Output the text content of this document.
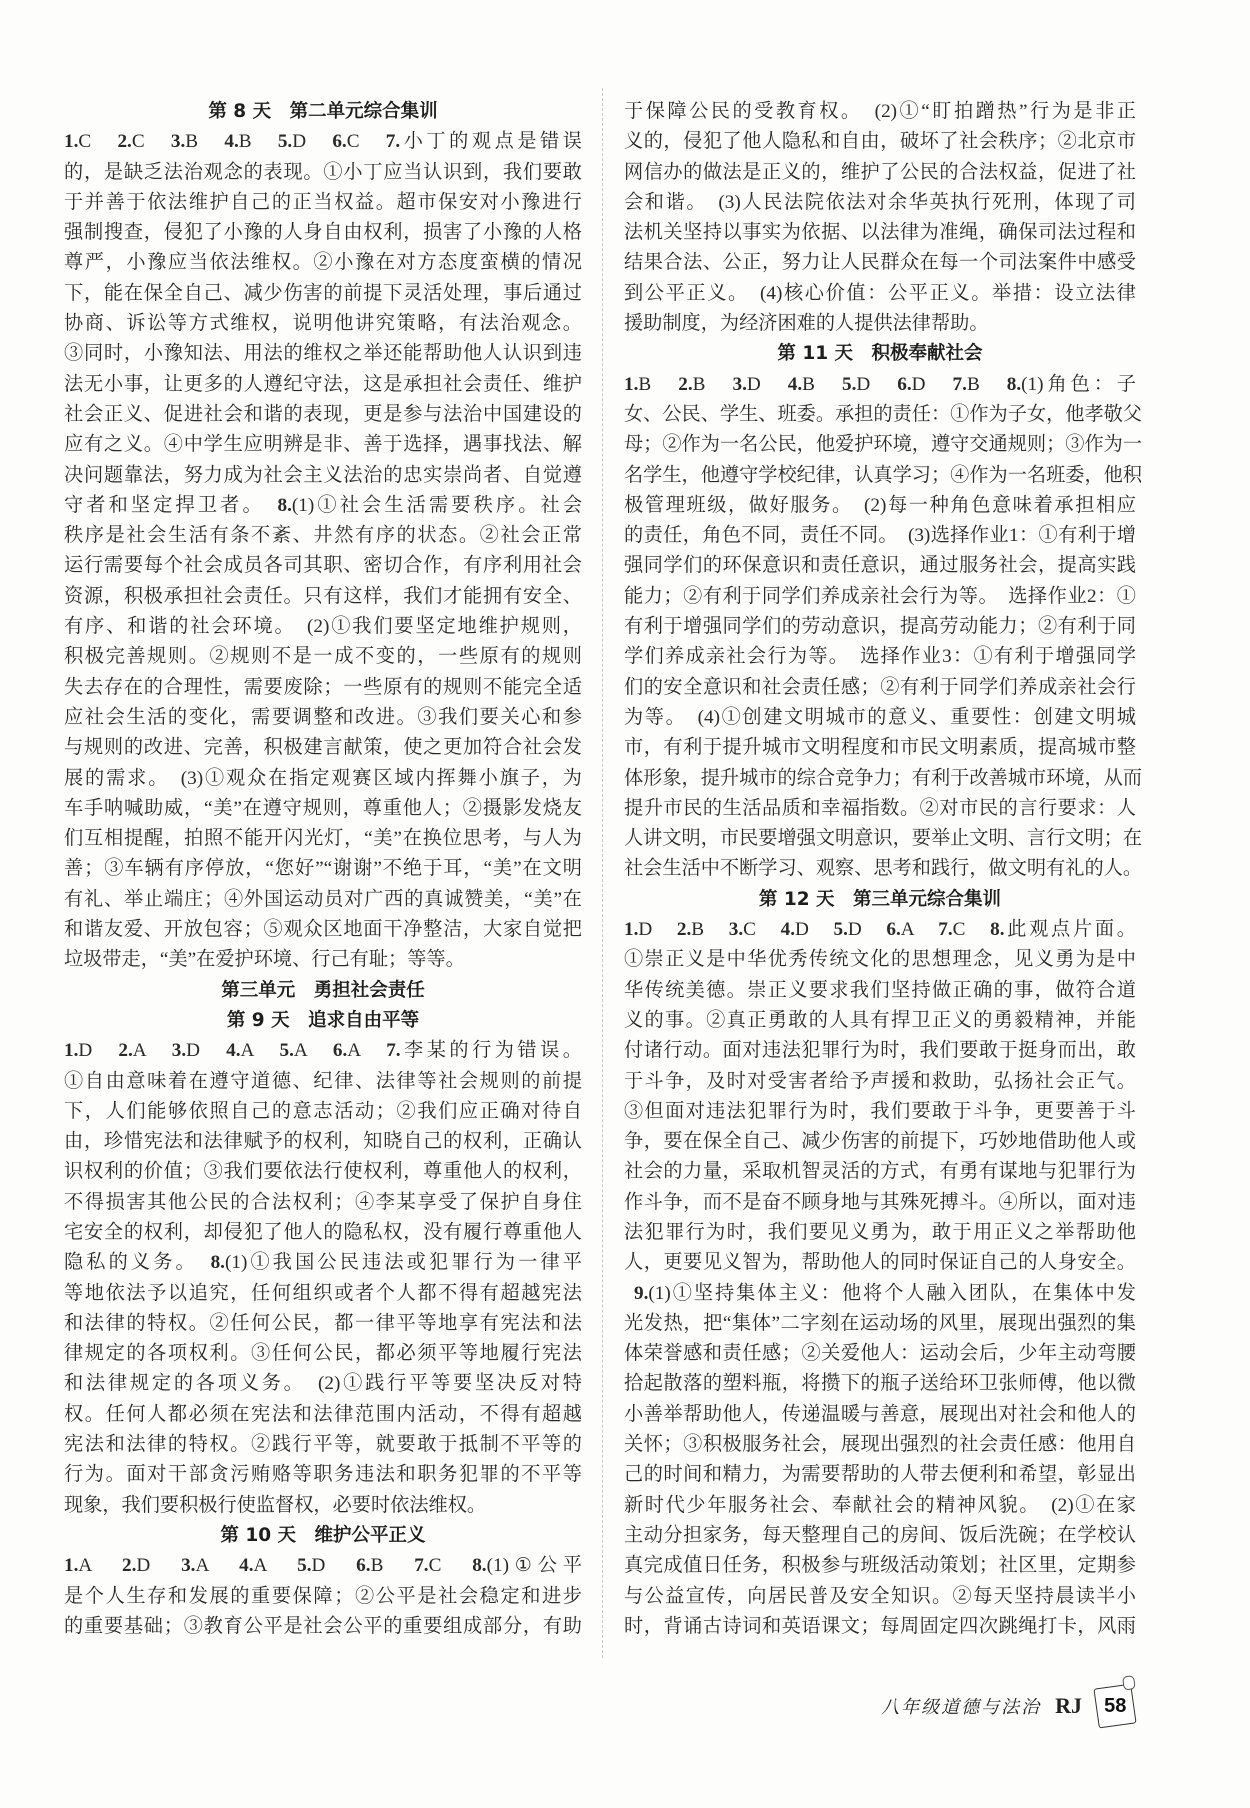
第 8 天　第二单元综合集训
1.C　2.C　3.B　4.B　5.D　6.C　7.小丁的观点是错误
的，是缺乏法治观念的表现。①小丁应当认识到，我们要敢
于并善于依法维护自己的正当权益。超市保安对小豫进行
强制搜查，侵犯了小豫的人身自由权利，损害了小豫的人格
尊严，小豫应当依法维权。②小豫在对方态度蛮横的情况
下，能在保全自己、减少伤害的前提下灵活处理，事后通过
协商、诉讼等方式维权，说明他讲究策略，有法治观念。
③同时，小豫知法、用法的维权之举还能帮助他人认识到违
法无小事，让更多的人遵纪守法，这是承担社会责任、维护
社会正义、促进社会和谐的表现，更是参与法治中国建设的
应有之义。④中学生应明辨是非、善于选择，遇事找法、解
决问题靠法，努力成为社会主义法治的忠实崇尚者、自觉遵
守者和坚定捍卫者。　8.(1)①社会生活需要秩序。社会
秩序是社会生活有条不紊、井然有序的状态。②社会正常
运行需要每个社会成员各司其职、密切合作，有序利用社会
资源，积极承担社会责任。只有这样，我们才能拥有安全、
有序、和谐的社会环境。　(2)①我们要坚定地维护规则，
积极完善规则。②规则不是一成不变的，一些原有的规则
失去存在的合理性，需要废除；一些原有的规则不能完全适
应社会生活的变化，需要调整和改进。③我们要关心和参
与规则的改进、完善，积极建言献策，使之更加符合社会发
展的需求。　(3)①观众在指定观赛区域内挥舞小旗子，为
车手呐喊助威，“美”在遵守规则，尊重他人；②摄影发烧友
们互相提醒，拍照不能开闪光灯，“美”在换位思考，与人为
善；③车辆有序停放，“您好”“谢谢”不绝于耳，“美”在文明
有礼、举止端庄；④外国运动员对广西的真诚赞美，“美”在
和谐友爱、开放包容；⑤观众区地面干净整洁，大家自觉把
垃圾带走，“美”在爱护环境、行己有耻；等等。
第三单元　勇担社会责任
第 9 天　追求自由平等
1.D　2.A　3.D　4.A　5.A　6.A　7.李某的行为错误。
①自由意味着在遵守道德、纪律、法律等社会规则的前提
下，人们能够依照自己的意志活动；②我们应正确对待自
由，珍惜宪法和法律赋予的权利，知晓自己的权利，正确认
识权利的价值；③我们要依法行使权利，尊重他人的权利，
不得损害其他公民的合法权利；④李某享受了保护自身住
宅安全的权利，却侵犯了他人的隐私权，没有履行尊重他人
隐私的义务。　8.(1)①我国公民违法或犯罪行为一律平
等地依法予以追究，任何组织或者个人都不得有超越宪法
和法律的特权。②任何公民，都一律平等地享有宪法和法
律规定的各项权利。③任何公民，都必须平等地履行宪法
和法律规定的各项义务。　(2)①践行平等要坚决反对特
权。任何人都必须在宪法和法律范围内活动，不得有超越
宪法和法律的特权。②践行平等，就要敢于抵制不平等的
行为。面对干部贪污贿赂等职务违法和职务犯罪的不平等
现象，我们要积极行使监督权，必要时依法维权。
第 10 天　维护公平正义
1.A　2.D　3.A　4.A　5.D　6.B　7.C　8.(1)①公平
是个人生存和发展的重要保障；②公平是社会稳定和进步
的重要基础；③教育公平是社会公平的重要组成部分，有助
于保障公民的受教育权。　(2)①“盯拍蹭热”行为是非正
义的，侵犯了他人隐私和自由，破坏了社会秩序；②北京市
网信办的做法是正义的，维护了公民的合法权益，促进了社
会和谐。　(3)人民法院依法对余华英执行死刑，体现了司
法机关坚持以事实为依据、以法律为准绳，确保司法过程和
结果合法、公正，努力让人民群众在每一个司法案件中感受
到公平正义。　(4)核心价值：公平正义。举措：设立法律
援助制度，为经济困难的人提供法律帮助。
第 11 天　积极奉献社会
1.B　2.B　3.D　4.B　5.D　6.D　7.B　8.(1)角色：子
女、公民、学生、班委。承担的责任：①作为子女，他孝敬父
母；②作为一名公民，他爱护环境，遵守交通规则；③作为一
名学生，他遵守学校纪律，认真学习；④作为一名班委，他积
极管理班级，做好服务。　(2)每一种角色意味着承担相应
的责任，角色不同，责任不同。　(3)选择作业1：①有利于增
强同学们的环保意识和责任意识，通过服务社会，提高实践
能力；②有利于同学们养成亲社会行为等。　选择作业2：①
有利于增强同学们的劳动意识，提高劳动能力；②有利于同
学们养成亲社会行为等。　选择作业3：①有利于增强同学
们的安全意识和社会责任感；②有利于同学们养成亲社会行
为等。　(4)①创建文明城市的意义、重要性：创建文明城
市，有利于提升城市文明程度和市民文明素质，提高城市整
体形象，提升城市的综合竞争力；有利于改善城市环境，从而
提升市民的生活品质和幸福指数。②对市民的言行要求：人
人讲文明，市民要增强文明意识，要举止文明、言行文明；在
社会生活中不断学习、观察、思考和践行，做文明有礼的人。
第 12 天　第三单元综合集训
1.D　2.B　3.C　4.D　5.D　6.A　7.C　8.此观点片面。
①崇正义是中华优秀传统文化的思想理念，见义勇为是中
华传统美德。崇正义要求我们坚持做正确的事，做符合道
义的事。②真正勇敢的人具有捍卫正义的勇毅精神，并能
付诸行动。面对违法犯罪行为时，我们要敢于挺身而出，敢
于斗争，及时对受害者给予声援和救助，弘扬社会正气。
③但面对违法犯罪行为时，我们要敢于斗争，更要善于斗
争，要在保全自己、减少伤害的前提下，巧妙地借助他人或
社会的力量，采取机智灵活的方式，有勇有谋地与犯罪行为
作斗争，而不是奋不顾身地与其殊死搏斗。④所以，面对违
法犯罪行为时，我们要见义勇为，敢于用正义之举帮助他
人，更要见义智为，帮助他人的同时保证自己的人身安全。
9.(1)①坚持集体主义：他将个人融入团队，在集体中发
光发热，把“集体”二字刻在运动场的风里，展现出强烈的集
体荣誉感和责任感；②关爱他人：运动会后，少年主动弯腰
拾起散落的塑料瓶，将攒下的瓶子送给环卫张师傅，他以微
小善举帮助他人，传递温暖与善意，展现出对社会和他人的
关怀；③积极服务社会，展现出强烈的社会责任感：他用自
己的时间和精力，为需要帮助的人带去便利和希望，彰显出
新时代少年服务社会、奉献社会的精神风貌。　(2)①在家
主动分担家务，每天整理自己的房间、饭后洗碗；在学校认
真完成值日任务，积极参与班级活动策划；社区里，定期参
与公益宣传，向居民普及安全知识。②每天坚持晨读半小
时，背诵古诗词和英语课文；每周固定四次跳绳打卡，风雨
八年级道德与法治 RJ 58
